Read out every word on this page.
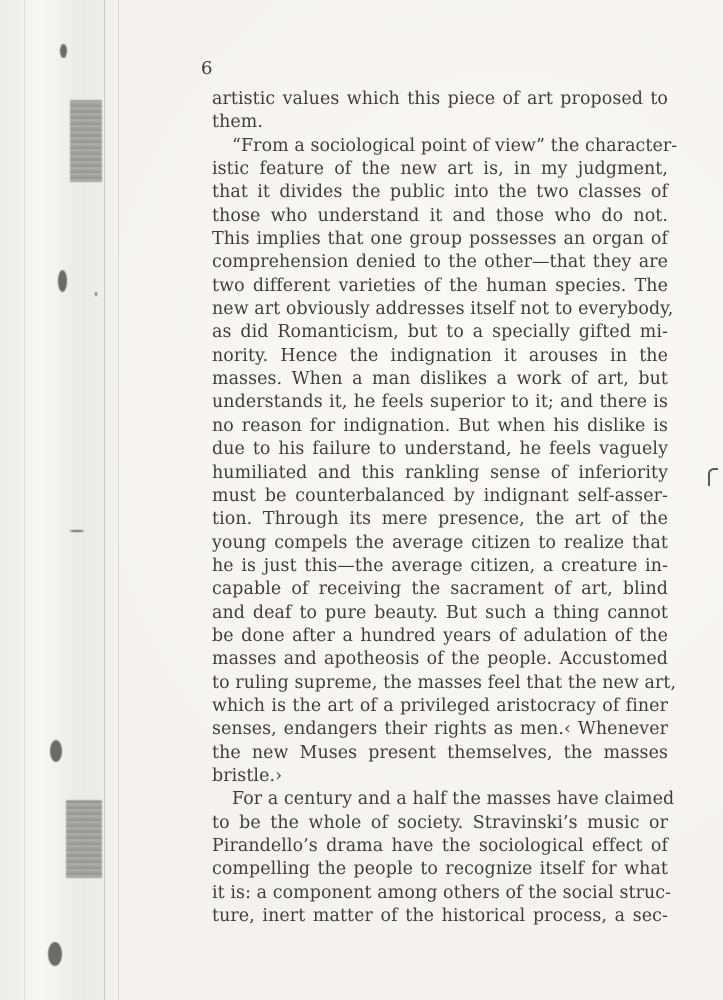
6
artistic values which this piece of art proposed to
them.
“From a sociological point of view” the character-
istic feature of the new art is, in my judgment,
that it divides the public into the two classes of
those who understand it and those who do not.
This implies that one group possesses an organ of
comprehension denied to the other—that they are
two different varieties of the human species. The
new art obviously addresses itself not to everybody,
as did Romanticism, but to a specially gifted mi-
nority. Hence the indignation it arouses in the
masses. When a man dislikes a work of art, but
understands it, he feels superior to it; and there is
no reason for indignation. But when his dislike is
due to his failure to understand, he feels vaguely
humiliated and this rankling sense of inferiority
must be counterbalanced by indignant self-asser-
tion. Through its mere presence, the art of the
young compels the average citizen to realize that
he is just this—the average citizen, a creature in-
capable of receiving the sacrament of art, blind
and deaf to pure beauty. But such a thing cannot
be done after a hundred years of adulation of the
masses and apotheosis of the people. Accustomed
to ruling supreme, the masses feel that the new art,
which is the art of a privileged aristocracy of finer
senses, endangers their rights as men.‹ Whenever
the new Muses present themselves, the masses
bristle.›
For a century and a half the masses have claimed
to be the whole of society. Stravinski’s music or
Pirandello’s drama have the sociological effect of
compelling the people to recognize itself for what
it is: a component among others of the social struc-
ture, inert matter of the historical process, a sec-
